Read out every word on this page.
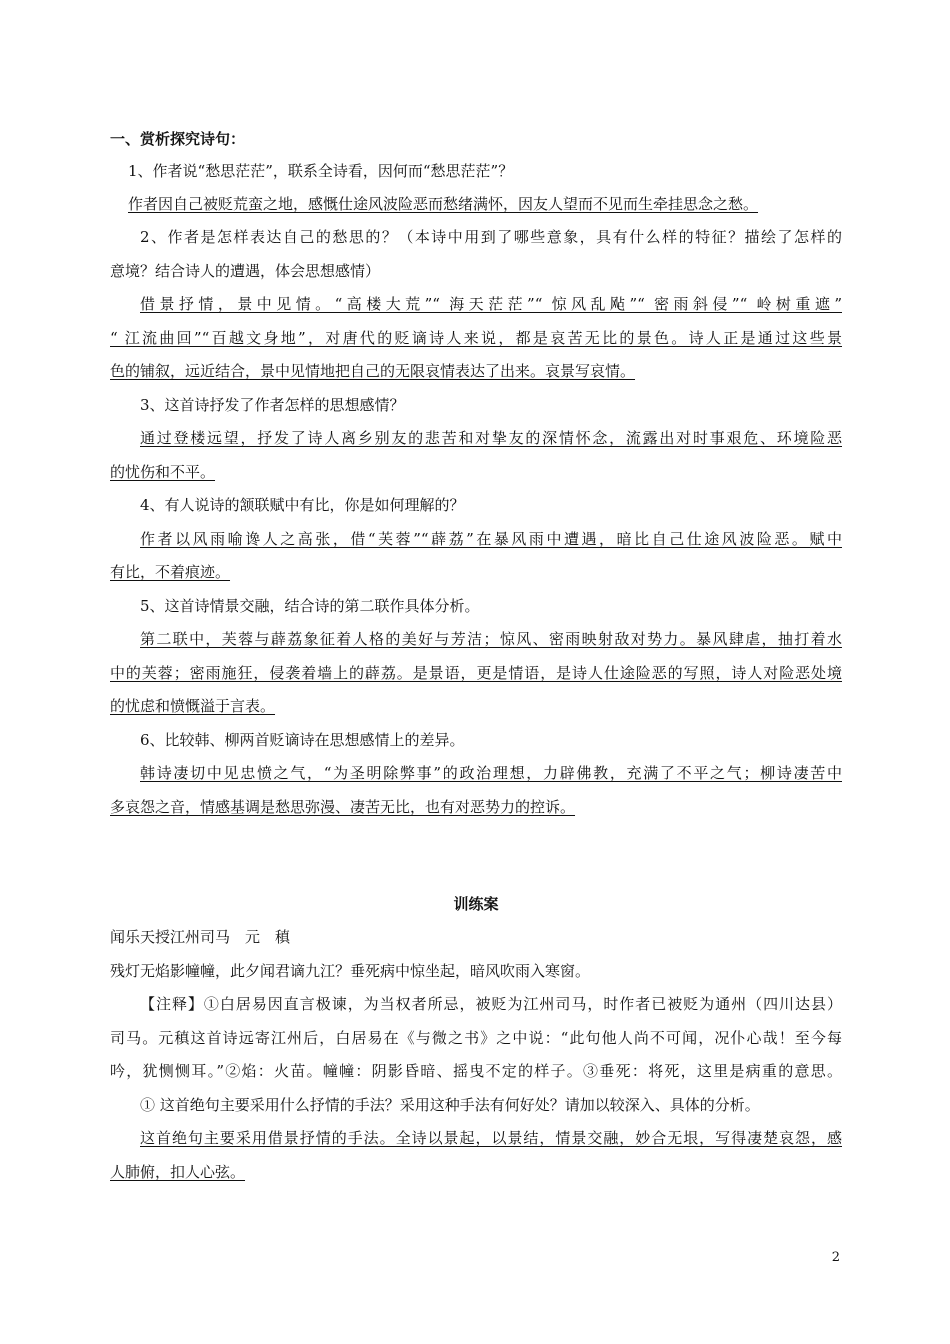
一、赏析探究诗句：
1、作者说“愁思茫茫”，联系全诗看，因何而“愁思茫茫”？
作者因自己被贬荒蛮之地，感慨仕途风波险恶而愁绪满怀，因友人望而不见而生牵挂思念之愁。
2、作者是怎样表达自己的愁思的？（本诗中用到了哪些意象，具有什么样的特征？描绘了怎样的
意境？结合诗人的遭遇，体会思想感情）
借景抒情，景中见情。“高楼大荒”“ 海天茫茫”“ 惊风乱飐”“ 密雨斜侵”“ 岭树重遮”
“ 江流曲回”“百越文身地”，对唐代的贬谪诗人来说，都是哀苦无比的景色。诗人正是通过这些景
色的铺叙，远近结合，景中见情地把自己的无限哀情表达了出来。哀景写哀情。
3、这首诗抒发了作者怎样的思想感情？
通过登楼远望，抒发了诗人离乡别友的悲苦和对挚友的深情怀念，流露出对时事艰危、环境险恶
的忧伤和不平。
4、有人说诗的颔联赋中有比，你是如何理解的？
作者以风雨喻谗人之高张，借“芙蓉”“薜荔”在暴风雨中遭遇，暗比自己仕途风波险恶。赋中
有比，不着痕迹。
5、这首诗情景交融，结合诗的第二联作具体分析。
第二联中，芙蓉与薜荔象征着人格的美好与芳洁；惊风、密雨映射敌对势力。暴风肆虐，抽打着水
中的芙蓉；密雨施狂，侵袭着墙上的薜荔。是景语，更是情语，是诗人仕途险恶的写照，诗人对险恶处境
的忧虑和愤慨溢于言表。
6、比较韩、柳两首贬谪诗在思想感情上的差异。
韩诗凄切中见忠愤之气，“为圣明除弊事”的政治理想，力辟佛教，充满了不平之气；柳诗凄苦中
多哀怨之音，情感基调是愁思弥漫、凄苦无比，也有对恶势力的控诉。
训练案
闻乐天授江州司马　元　稹
残灯无焰影幢幢，此夕闻君谪九江？垂死病中惊坐起，暗风吹雨入寒窗。
【注释】①白居易因直言极谏，为当权者所忌，被贬为江州司马，时作者已被贬为通州（四川达县）
司马。元稹这首诗远寄江州后，白居易在《与微之书》之中说：“此句他人尚不可闻，况仆心哉！至今每
吟，犹恻恻耳。”②焰：火苗。幢幢：阴影昏暗、摇曳不定的样子。③垂死：将死，这里是病重的意思。
① 这首绝句主要采用什么抒情的手法？采用这种手法有何好处？请加以较深入、具体的分析。
这首绝句主要采用借景抒情的手法。全诗以景起，以景结，情景交融，妙合无垠，写得凄楚哀怨，感
人肺俯，扣人心弦。
2
